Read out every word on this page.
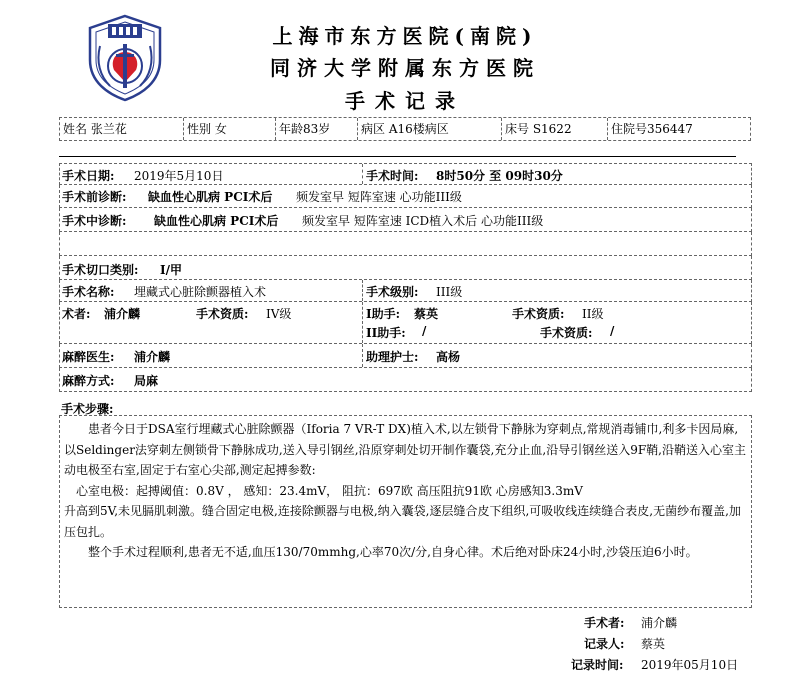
上海市东方医院(南院)
同济大学附属东方医院
手术记录
姓名 张兰花	性别 女	年龄83岁	病区 A16楼病区	床号 S1622	住院号356447
手术日期: 2019年5月10日	手术时间: 8时50分 至 09时30分
手术前诊断: 缺血性心肌病 PCI术后 频发室早 短阵室速 心功能III级
手术中诊断: 缺血性心肌病 PCI术后 频发室早 短阵室速 ICD植入术后 心功能III级
手术切口类别: I/甲
手术名称: 埋藏式心脏除颤器植入术	手术级别: III级
术者: 浦介麟	手术资质: IV级	I助手: 蔡英	手术资质: II级
II助手: /	手术资质: /
麻醉医生: 浦介麟	助理护士: 高杨
麻醉方式: 局麻
手术步骤:

　　患者今日于DSA室行埋藏式心脏除颤器（Iforia 7 VR-T DX)植入术,以左锁骨下静脉为穿刺点,常规消毒铺巾,利多卡因局麻,以Seldinger法穿刺左侧锁骨下静脉成功,送入导引钢丝,沿原穿刺处切开制作囊袋,充分止血,沿导引钢丝送入9F鞘,沿鞘送入心室主动电极至右室,固定于右室心尖部,测定起搏参数:

　心室电极：起搏阈值：0.8V ， 感知：23.4mV， 阻抗：697欧 高压阻抗91欧 心房感知3.3mV

升高到5V,未见膈肌刺激。缝合固定电极,连接除颤器与电极,纳入囊袋,逐层缝合皮下组织,可吸收线连续缝合表皮,无菌纱布覆盖,加压包扎。

　　整个手术过程顺利,患者无不适,血压130/70mmhg,心率70次/分,自身心律。术后绝对卧床24小时,沙袋压迫6小时。

手术者: 浦介麟
记录人: 蔡英
记录时间: 2019年05月10日
